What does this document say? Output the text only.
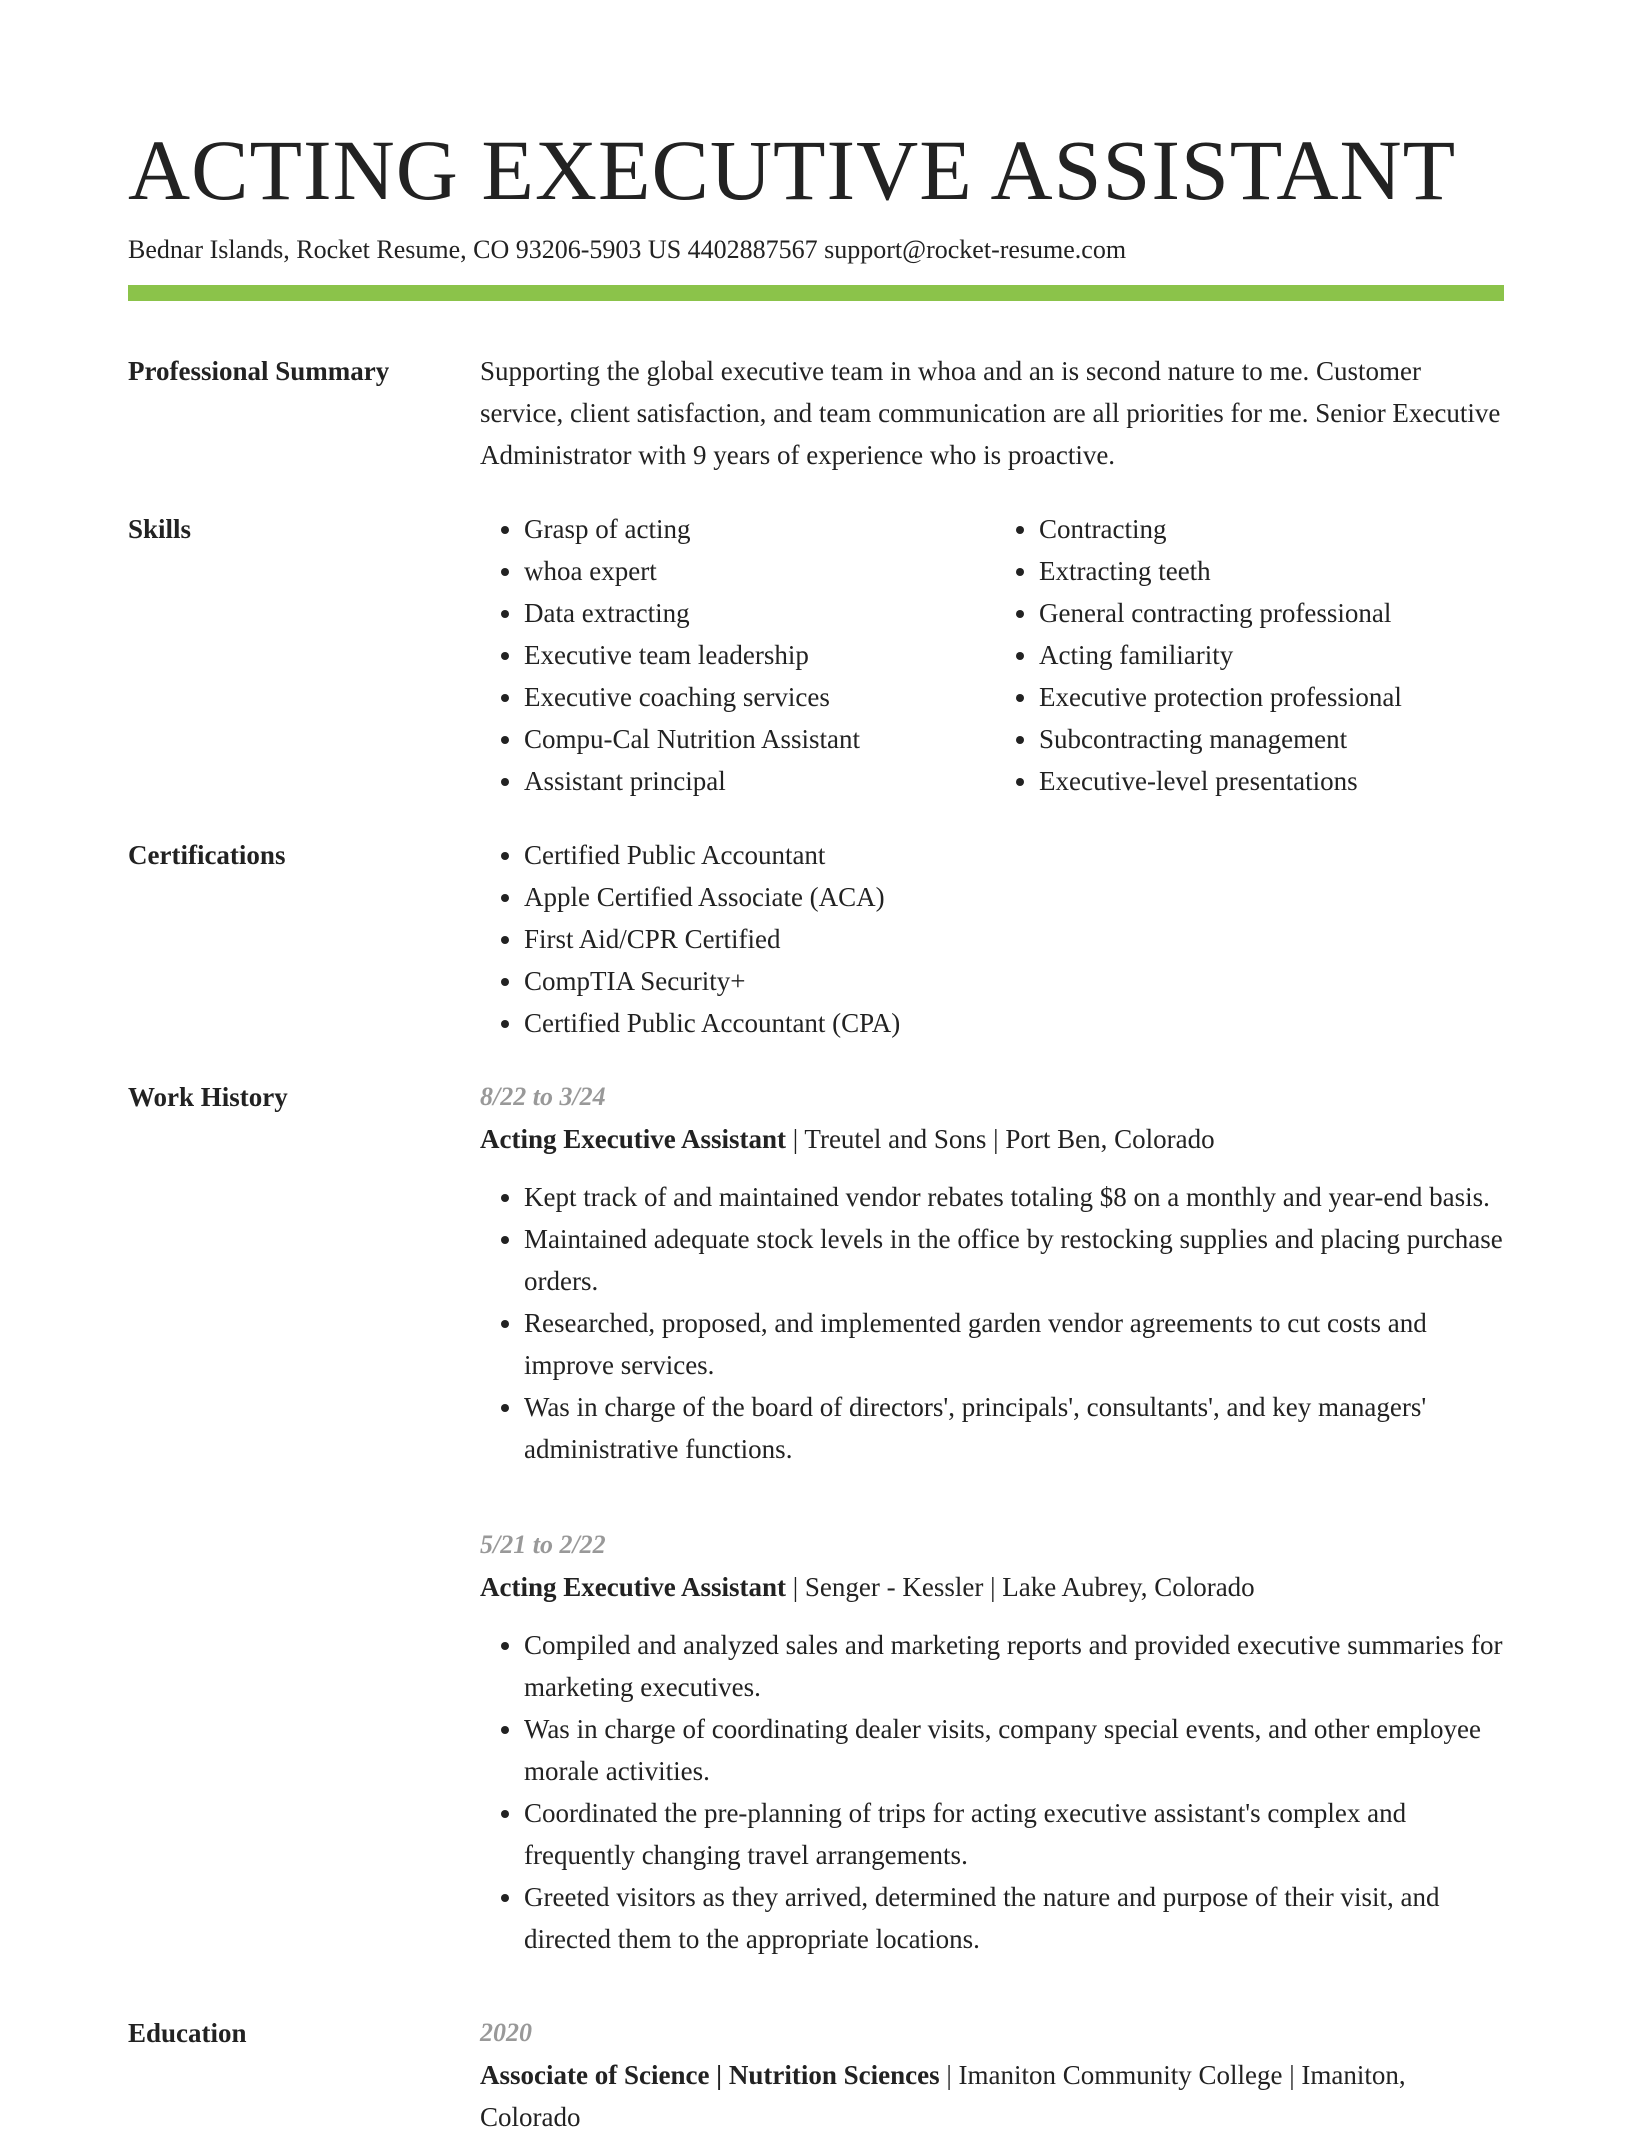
ACTING EXECUTIVE ASSISTANT
Bednar Islands, Rocket Resume, CO 93206-5903 US 4402887567 support@rocket-resume.com
Professional Summary	Supporting the global executive team in whoa and an is second nature to me. Customer service, client satisfaction, and team communication are all priorities for me. Senior Executive Administrator with 9 years of experience who is proactive.

Skills	• Grasp of acting
• whoa expert
• Data extracting
• Executive team leadership
• Executive coaching services
• Compu-Cal Nutrition Assistant
• Assistant principal
• Contracting
• Extracting teeth
• General contracting professional
• Acting familiarity
• Executive protection professional
• Subcontracting management
• Executive-level presentations
Certifications	• Certified Public Accountant
• Apple Certified Associate (ACA)
• First Aid/CPR Certified
• CompTIA Security+
• Certified Public Accountant (CPA)
Work History	8/22 to 3/24
Acting Executive Assistant | Treutel and Sons | Port Ben, Colorado
• Kept track of and maintained vendor rebates totaling $8 on a monthly and year-end basis.
• Maintained adequate stock levels in the office by restocking supplies and placing purchase orders.
• Researched, proposed, and implemented garden vendor agreements to cut costs and improve services.
• Was in charge of the board of directors', principals', consultants', and key managers' administrative functions.
5/21 to 2/22
Acting Executive Assistant | Senger - Kessler | Lake Aubrey, Colorado
• Compiled and analyzed sales and marketing reports and provided executive summaries for marketing executives.
• Was in charge of coordinating dealer visits, company special events, and other employee morale activities.
• Coordinated the pre-planning of trips for acting executive assistant's complex and frequently changing travel arrangements.
• Greeted visitors as they arrived, determined the nature and purpose of their visit, and directed them to the appropriate locations.
Education	2020
Associate of Science | Nutrition Sciences | Imaniton Community College | Imaniton, Colorado
